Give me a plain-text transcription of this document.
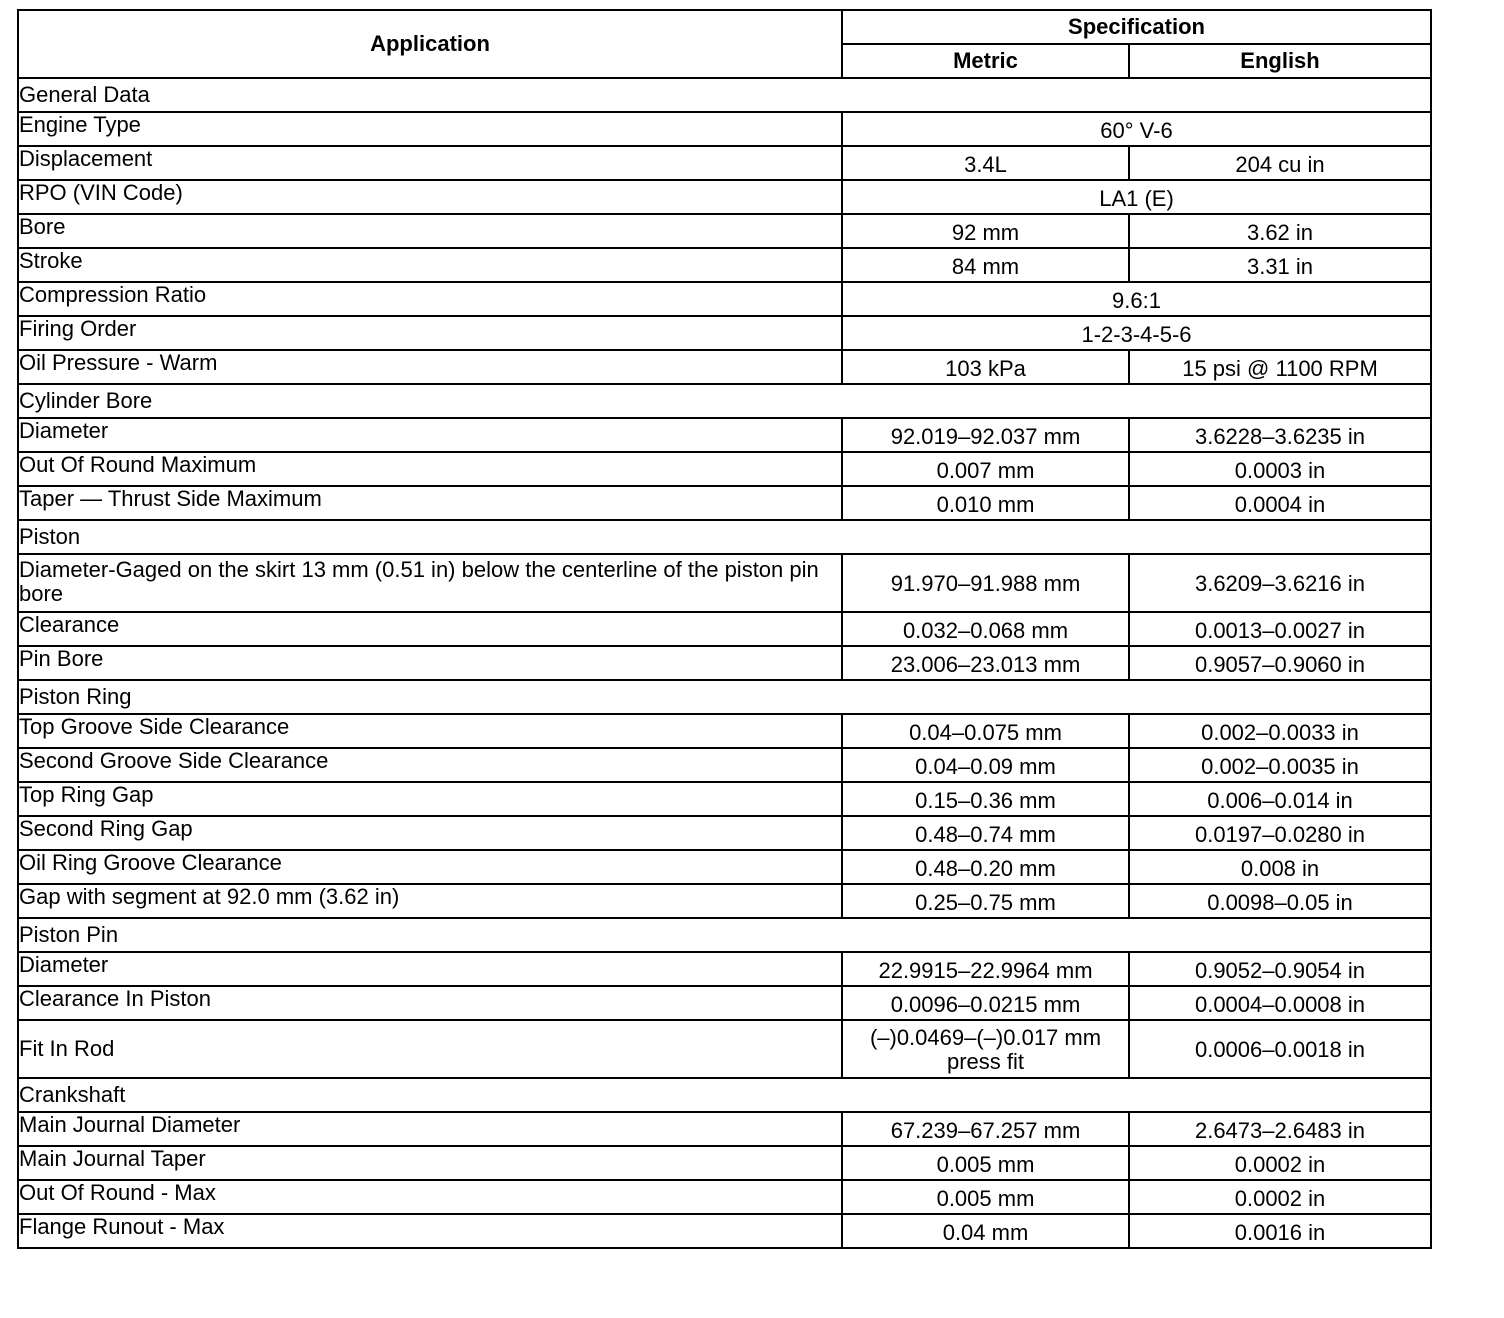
Application	Specification	
	Metric	English
General Data		
Engine Type	60° V-6	
Displacement	3.4L	204 cu in
RPO (VIN Code)	LA1 (E)	
Bore	92 mm	3.62 in
Stroke	84 mm	3.31 in
Compression Ratio	9.6:1	
Firing Order	1-2-3-4-5-6	
Oil Pressure - Warm	103 kPa	15 psi @ 1100 RPM
Cylinder Bore		
Diameter	92.019–92.037 mm	3.6228–3.6235 in
Out Of Round Maximum	0.007 mm	0.0003 in
Taper — Thrust Side Maximum	0.010 mm	0.0004 in
Piston		
Diameter-Gaged on the skirt 13 mm (0.51 in) below the centerline of the piston pin bore	91.970–91.988 mm	3.6209–3.6216 in
Clearance	0.032–0.068 mm	0.0013–0.0027 in
Pin Bore	23.006–23.013 mm	0.9057–0.9060 in
Piston Ring		
Top Groove Side Clearance	0.04–0.075 mm	0.002–0.0033 in
Second Groove Side Clearance	0.04–0.09 mm	0.002–0.0035 in
Top Ring Gap	0.15–0.36 mm	0.006–0.014 in
Second Ring Gap	0.48–0.74 mm	0.0197–0.0280 in
Oil Ring Groove Clearance	0.48–0.20 mm	0.008 in
Gap with segment at 92.0 mm (3.62 in)	0.25–0.75 mm	0.0098–0.05 in
Piston Pin		
Diameter	22.9915–22.9964 mm	0.9052–0.9054 in
Clearance In Piston	0.0096–0.0215 mm	0.0004–0.0008 in
Fit In Rod	(–)0.0469–(–)0.017 mm press fit	0.0006–0.0018 in
Crankshaft		
Main Journal Diameter	67.239–67.257 mm	2.6473–2.6483 in
Main Journal Taper	0.005 mm	0.0002 in
Out Of Round - Max	0.005 mm	0.0002 in
Flange Runout - Max	0.04 mm	0.0016 in
